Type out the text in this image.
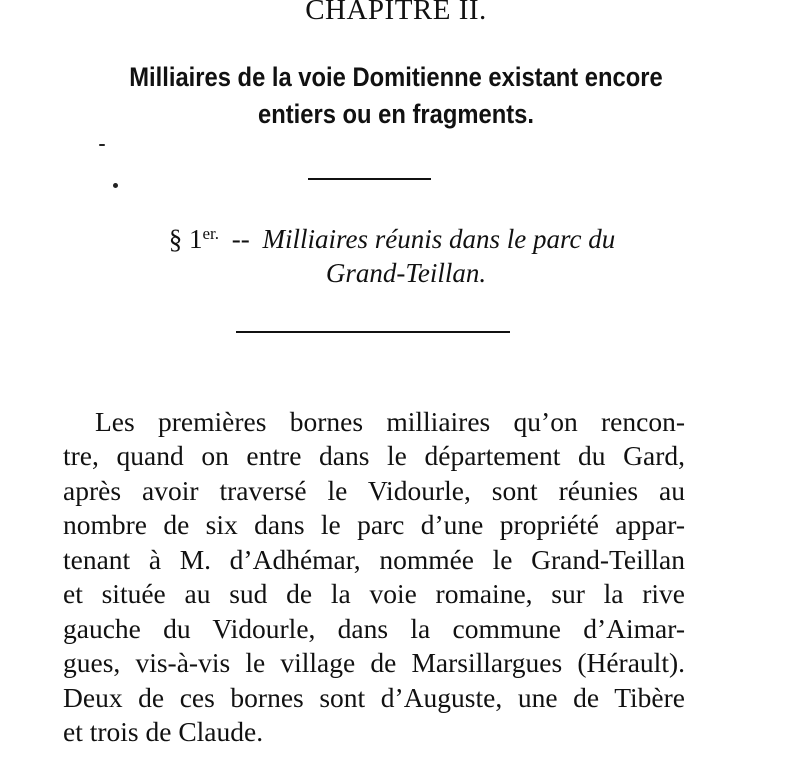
CHAPITRE II.
Milliaires de la voie Domitienne existant encore
entiers ou en fragments.
§ $1^{er.}$ -- Milliaires réunis dans le parc du
Grand-Teillan.
Les premières bornes milliaires qu’on rencon-
tre, quand on entre dans le département du Gard,
après avoir traversé le Vidourle, sont réunies au
nombre de six dans le parc d’une propriété appar-
tenant à M. d’Adhémar, nommée le Grand-Teillan
et située au sud de la voie romaine, sur la rive
gauche du Vidourle, dans la commune d’Aimar-
gues, vis-à-vis le village de Marsillargues (Hérault).
Deux de ces bornes sont d’Auguste, une de Tibère
et trois de Claude.
